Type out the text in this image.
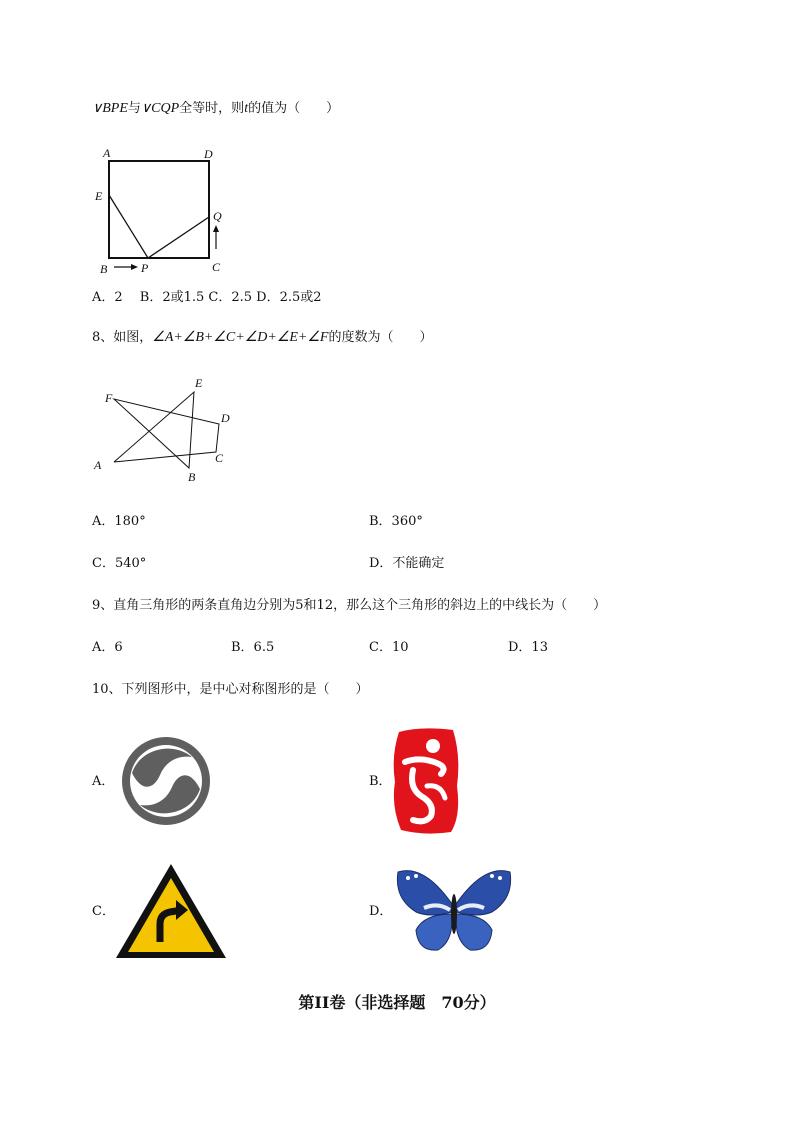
∨BPE与∨CQP全等时，则t的值为（　　）
A	D
E
Q
B	P	C
A．2　 B．2或1.5 C．2.5 D．2.5或2
8、如图，∠A+∠B+∠C+∠D+∠E+∠F的度数为（　　）
F
E
D
A	C
B
A．180°	B．360°
C．540°	D．不能确定
9、直角三角形的两条直角边分别为5和12，那么这个三角形的斜边上的中线长为（　　）
A．6	B．6.5	C．10	D．13
10、下列图形中，是中心对称图形的是（　　）
A．	B．
C．	D．
第II卷（非选择题　70分）
